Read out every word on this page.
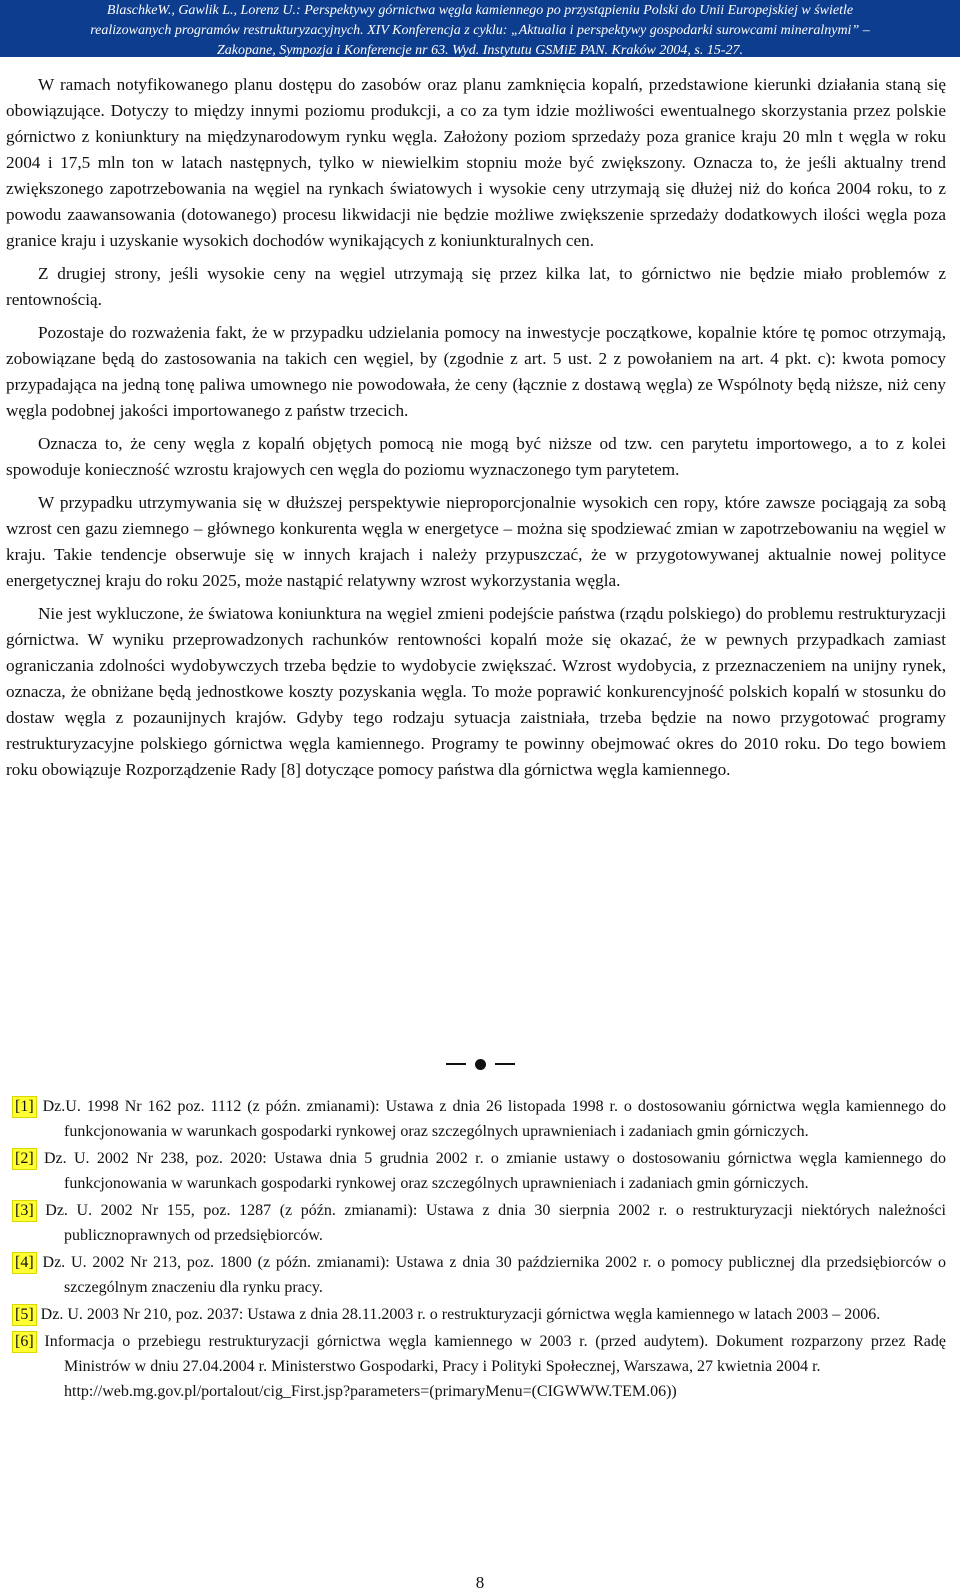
BlaschkeW., Gawlik L., Lorenz U.: Perspektywy górnictwa węgla kamiennego po przystąpieniu Polski do Unii Europejskiej w świetle
realizowanych programów restrukturyzacyjnych. XIV Konferencja z cyklu: „Aktualia i perspektywy gospodarki surowcami mineralnymi” –
Zakopane, Sympozja i Konferencje nr 63. Wyd. Instytutu GSMiE PAN. Kraków 2004, s. 15-27.

W ramach notyfikowanego planu dostępu do zasobów oraz planu zamknięcia kopalń, przedstawione kierunki działania staną się obowiązujące. Dotyczy to między innymi poziomu produkcji, a co za tym idzie możliwości ewentualnego skorzystania przez polskie górnictwo z koniunktury na międzynarodowym rynku węgla. Założony poziom sprzedaży poza granice kraju 20 mln t węgla w roku 2004 i 17,5 mln ton w latach następnych, tylko w niewielkim stopniu może być zwiększony. Oznacza to, że jeśli aktualny trend zwiększonego zapotrzebowania na węgiel na rynkach światowych i wysokie ceny utrzymają się dłużej niż do końca 2004 roku, to z powodu zaawansowania (dotowanego) procesu likwidacji nie będzie możliwe zwiększenie sprzedaży dodatkowych ilości węgla poza granice kraju i uzyskanie wysokich dochodów wynikających z koniunkturalnych cen.

Z drugiej strony, jeśli wysokie ceny na węgiel utrzymają się przez kilka lat, to górnictwo nie będzie miało problemów z rentownością.

Pozostaje do rozważenia fakt, że w przypadku udzielania pomocy na inwestycje początkowe, kopalnie które tę pomoc otrzymają, zobowiązane będą do zastosowania na takich cen węgiel, by (zgodnie z art. 5 ust. 2 z powołaniem na art. 4 pkt. c): kwota pomocy przypadająca na jedną tonę paliwa umownego nie powodowała, że ceny (łącznie z dostawą węgla) ze Wspólnoty będą niższe, niż ceny węgla podobnej jakości importowanego z państw trzecich.

Oznacza to, że ceny węgla z kopalń objętych pomocą nie mogą być niższe od tzw. cen parytetu importowego, a to z kolei spowoduje konieczność wzrostu krajowych cen węgla do poziomu wyznaczonego tym parytetem.

W przypadku utrzymywania się w dłuższej perspektywie nieproporcjonalnie wysokich cen ropy, które zawsze pociągają za sobą wzrost cen gazu ziemnego – głównego konkurenta węgla w energetyce – można się spodziewać zmian w zapotrzebowaniu na węgiel w kraju. Takie tendencje obserwuje się w innych krajach i należy przypuszczać, że w przygotowywanej aktualnie nowej polityce energetycznej kraju do roku 2025, może nastąpić relatywny wzrost wykorzystania węgla.

Nie jest wykluczone, że światowa koniunktura na węgiel zmieni podejście państwa (rządu polskiego) do problemu restrukturyzacji górnictwa. W wyniku przeprowadzonych rachunków rentowności kopalń może się okazać, że w pewnych przypadkach zamiast ograniczania zdolności wydobywczych trzeba będzie to wydobycie zwiększać. Wzrost wydobycia, z przeznaczeniem na unijny rynek, oznacza, że obniżane będą jednostkowe koszty pozyskania węgla. To może poprawić konkurencyjność polskich kopalń w stosunku do dostaw węgla z pozaunijnych krajów. Gdyby tego rodzaju sytuacja zaistniała, trzeba będzie na nowo przygotować programy restrukturyzacyjne polskiego górnictwa węgla kamiennego. Programy te powinny obejmować okres do 2010 roku. Do tego bowiem roku obowiązuje Rozporządzenie Rady [8] dotyczące pomocy państwa dla górnictwa węgla kamiennego.

[1] Dz.U. 1998 Nr 162 poz. 1112 (z późn. zmianami): Ustawa z dnia 26 listopada 1998 r. o dostosowaniu górnictwa węgla kamiennego do funkcjonowania w warunkach gospodarki rynkowej oraz szczególnych uprawnieniach i zadaniach gmin górniczych.
[2] Dz. U. 2002 Nr 238, poz. 2020: Ustawa dnia 5 grudnia 2002 r. o zmianie ustawy o dostosowaniu górnictwa węgla kamiennego do funkcjonowania w warunkach gospodarki rynkowej oraz szczególnych uprawnieniach i zadaniach gmin górniczych.
[3] Dz. U. 2002 Nr 155, poz. 1287 (z późn. zmianami): Ustawa z dnia 30 sierpnia 2002 r. o restrukturyzacji niektórych należności publicznoprawnych od przedsiębiorców.
[4] Dz. U. 2002 Nr 213, poz. 1800 (z późn. zmianami): Ustawa z dnia 30 października 2002 r. o pomocy publicznej dla przedsiębiorców o szczególnym znaczeniu dla rynku pracy.
[5] Dz. U. 2003 Nr 210, poz. 2037: Ustawa z dnia 28.11.2003 r. o restrukturyzacji górnictwa węgla kamiennego w latach 2003 – 2006.
[6] Informacja o przebiegu restrukturyzacji górnictwa węgla kamiennego w 2003 r. (przed audytem). Dokument rozparzony przez Radę Ministrów w dniu 27.04.2004 r. Ministerstwo Gospodarki, Pracy i Polityki Społecznej, Warszawa, 27 kwietnia 2004 r.
http://web.mg.gov.pl/portalout/cig_First.jsp?parameters=(primaryMenu=(CIGWWW.TEM.06))
8
